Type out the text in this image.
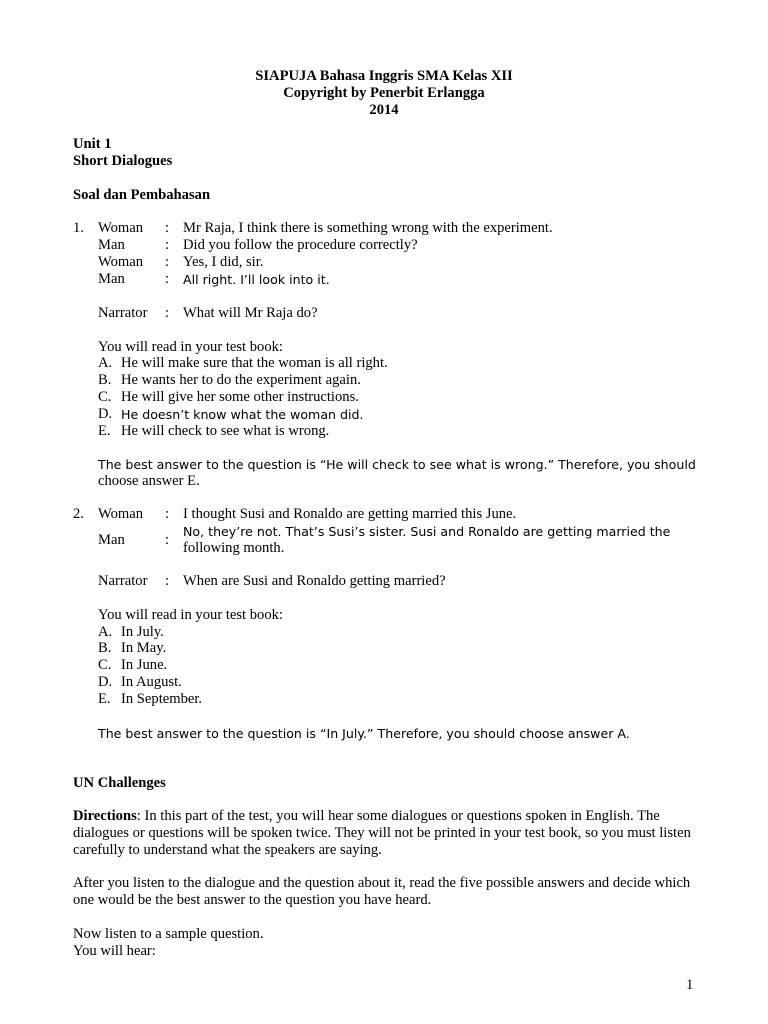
SIAPUJA Bahasa Inggris SMA Kelas XII
Copyright by Penerbit Erlangga
2014
Unit 1
Short Dialogues
Soal dan Pembahasan
1. Woman : Mr Raja, I think there is something wrong with the experiment.
Man	: Did you follow the procedure correctly?
Woman : Yes, I did, sir.
Man	: All right. I’ll look into it.
Narrator : What will Mr Raja do?
You will read in your test book:
A. He will make sure that the woman is all right.
B. He wants her to do the experiment again.
C. He will give her some other instructions.
D. He doesn’t know what the woman did.
E. He will check to see what is wrong.
The best answer to the question is “He will check to see what is wrong.” Therefore, you should
choose answer E.
2. Woman : I thought Susi and Ronaldo are getting married this June.
Man	:
No, they’re not. That’s Susi’s sister. Susi and Ronaldo are getting married the
following month.
Narrator : When are Susi and Ronaldo getting married?
You will read in your test book:
A. In July.
B. In May.
C. In June.
D. In August.
E. In September.
The best answer to the question is “In July.” Therefore, you should choose answer A.
UN Challenges
Directions: In this part of the test, you will hear some dialogues or questions spoken in English. The dialogues or questions will be spoken twice. They will not be printed in your test book, so you must listen carefully to understand what the speakers are saying.
After you listen to the dialogue and the question about it, read the five possible answers and decide which one would be the best answer to the question you have heard.
Now listen to a sample question.
You will hear:
1
